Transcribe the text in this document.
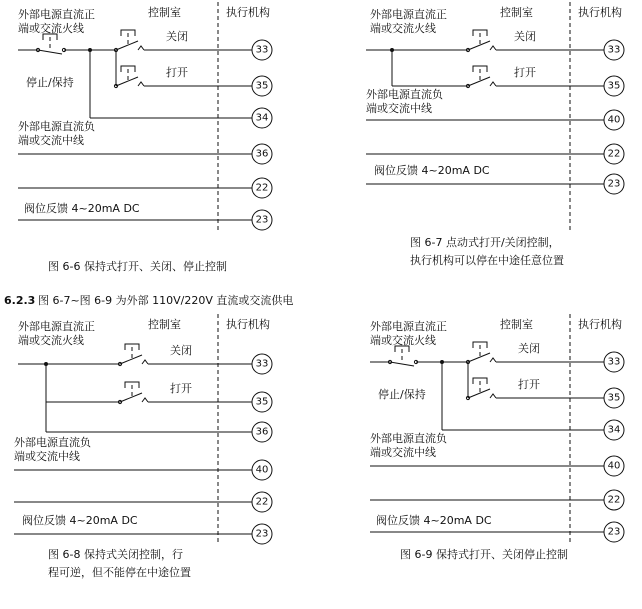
控制室	执行机构
外部电源直流正
端或交流火线
停止/保持
关闭
33
打开
35
34
外部电源直流负
端或交流中线
36
22
阀位反馈 4~20mA DC
23
图 6-6 保持式打开、关闭、停止控制
控制室	执行机构
外部电源直流正
端或交流火线
关闭
33
打开
35
外部电源直流负
端或交流中线
40
22
阀位反馈 4~20mA DC
23
图 6-7 点动式打开/关闭控制，
执行机构可以停在中途任意位置
控制室	执行机构
外部电源直流正
端或交流火线
关闭
33
打开
35
36
外部电源直流负
端或交流中线
40
22
阀位反馈 4~20mA DC
23
图 6-8 保持式关闭控制，行
程可逆，但不能停在中途位置
控制室	执行机构
外部电源直流正
端或交流火线
停止/保持
关闭
33
打开
35
34
外部电源直流负
端或交流中线
40
22
阀位反馈 4~20mA DC
23
图 6-9 保持式打开、关闭停止控制
6.2.3 图 6-7~图 6-9 为外部 110V/220V 直流或交流供电
